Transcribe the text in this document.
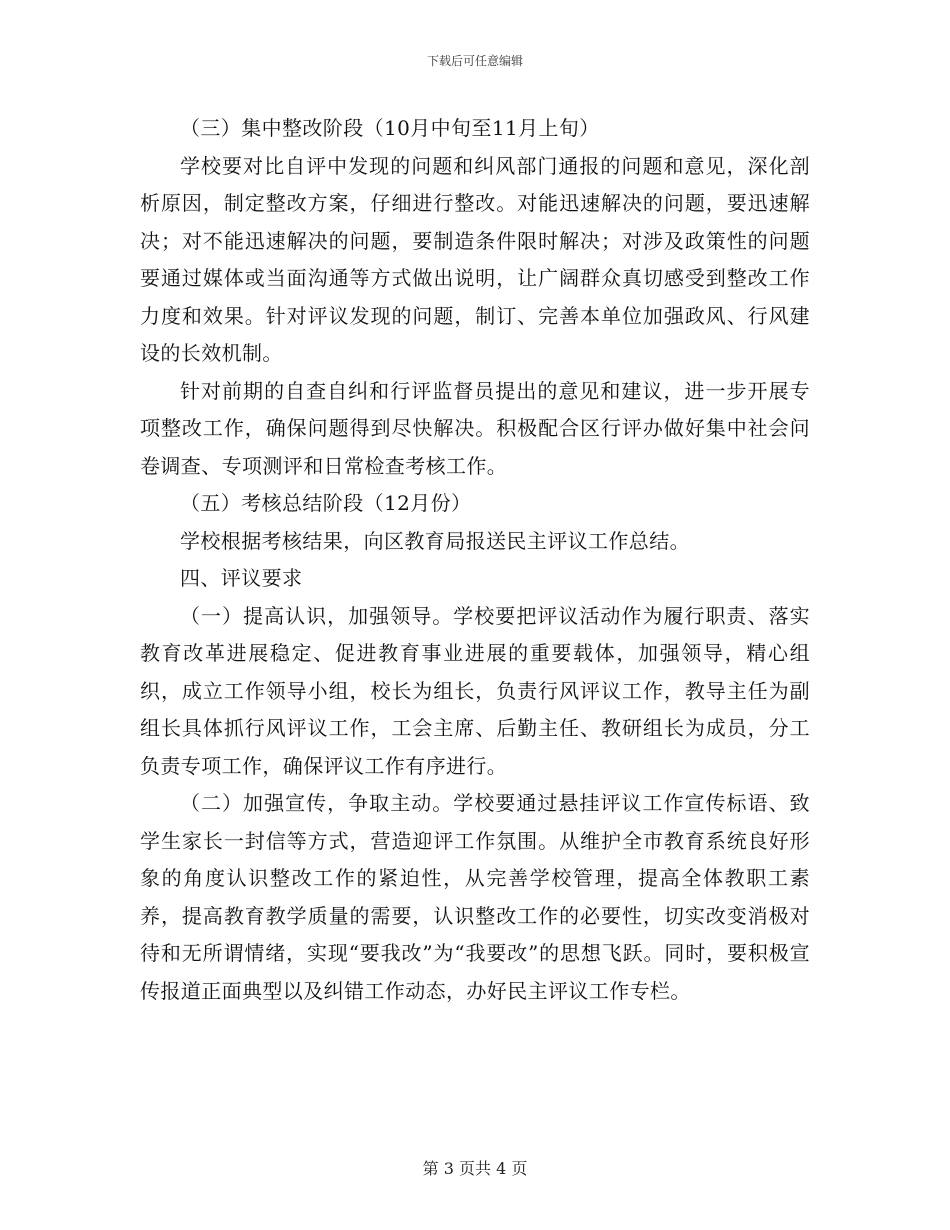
下载后可任意编辑

（三）集中整改阶段（10月中旬至11月上旬）

学校要对比自评中发现的问题和纠风部门通报的问题和意见，深化剖析原因，制定整改方案，仔细进行整改。对能迅速解决的问题，要迅速解决；对不能迅速解决的问题，要制造条件限时解决；对涉及政策性的问题要通过媒体或当面沟通等方式做出说明，让广阔群众真切感受到整改工作力度和效果。针对评议发现的问题，制订、完善本单位加强政风、行风建设的长效机制。

针对前期的自查自纠和行评监督员提出的意见和建议，进一步开展专项整改工作，确保问题得到尽快解决。积极配合区行评办做好集中社会问卷调查、专项测评和日常检查考核工作。

（五）考核总结阶段（12月份）

学校根据考核结果，向区教育局报送民主评议工作总结。

四、评议要求

（一）提高认识，加强领导。学校要把评议活动作为履行职责、落实教育改革进展稳定、促进教育事业进展的重要载体，加强领导，精心组织，成立工作领导小组，校长为组长，负责行风评议工作，教导主任为副组长具体抓行风评议工作，工会主席、后勤主任、教研组长为成员，分工负责专项工作，确保评议工作有序进行。

（二）加强宣传，争取主动。学校要通过悬挂评议工作宣传标语、致学生家长一封信等方式，营造迎评工作氛围。从维护全市教育系统良好形象的角度认识整改工作的紧迫性，从完善学校管理，提高全体教职工素养，提高教育教学质量的需要，认识整改工作的必要性，切实改变消极对待和无所谓情绪，实现“要我改”为“我要改”的思想飞跃。同时，要积极宣传报道正面典型以及纠错工作动态，办好民主评议工作专栏。

第 3 页共 4 页
